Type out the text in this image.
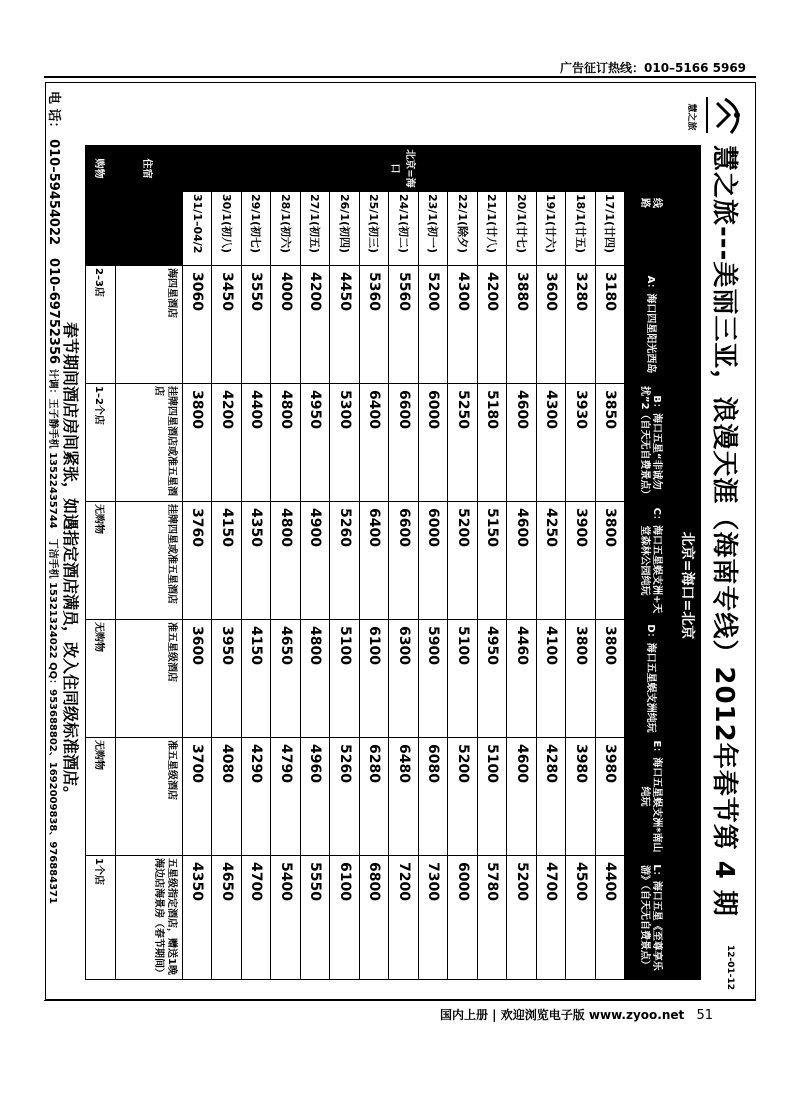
广告征订热线：010–5166 5969
慧之旅
慧之旅---美丽三亚，浪漫天涯（海南专线）2012年春节第 4 期
12-01-12
	北京=海口=北京						
	线 路	A：海口四星阳光西岛	B：海口五星“非诚勿扰”2（自天无自费景点）	C：海口五星蜈支洲+天堂森林公园纯玩	D：海口五星蜈支洲纯玩	E：海口五星蜈支洲*南山纯玩	L：海口五星《至尊享乐游》（自天无自费景点）
北京=海口	17/1(廿四)	3180	3850	3800	3800	3980	4400
	18/1(廿五)	3280	3930	3900	3800	3980	4500
	19/1(廿六)	3600	4300	4250	4100	4280	4700
	20/1(廿七)	3880	4600	4600	4460	4600	5200
	21/1(廿八)	4200	5180	5150	4950	5100	5780
	22/1(除夕)	4300	5250	5200	5100	5200	6000
	23/1(初一)	5200	6000	6000	5900	6080	7300
	24/1(初二)	5560	6600	6600	6300	6480	7200
	25/1(初三)	5360	6400	6400	6100	6280	6800
	26/1(初四)	4450	5300	5260	5100	5260	6100
	27/1(初五)	4200	4950	4900	4800	4960	5550
	28/1(初六)	4000	4800	4800	4650	4790	5400
	29/1(初七)	3550	4400	4350	4150	4290	4700
	30/1(初八)	3450	4200	4150	3950	4080	4650
	31/1–04/2	3060	3800	3760	3600	3700	4350
住宿		海四星酒店	挂牌四星酒店或准五星酒店	挂牌四星或准五星酒店	准五星级酒店	准五星级酒店	五星级指定酒店，赠送1晚海边店海景房（春节期间）
购物		2–3店	1–2个店	无购物	无购物	无购物	1个店
春节期间酒店房间紧张，如遇指定酒店满员，改入住同级标准酒店。
电 话： 010–59454022　010–69752356 计调：王子静手机 13522435744　丁洁手机 15321324022 QQ：953688802、1692009838、976884371
国内上册 | 欢迎浏览电子版 www.zyoo.net 51
